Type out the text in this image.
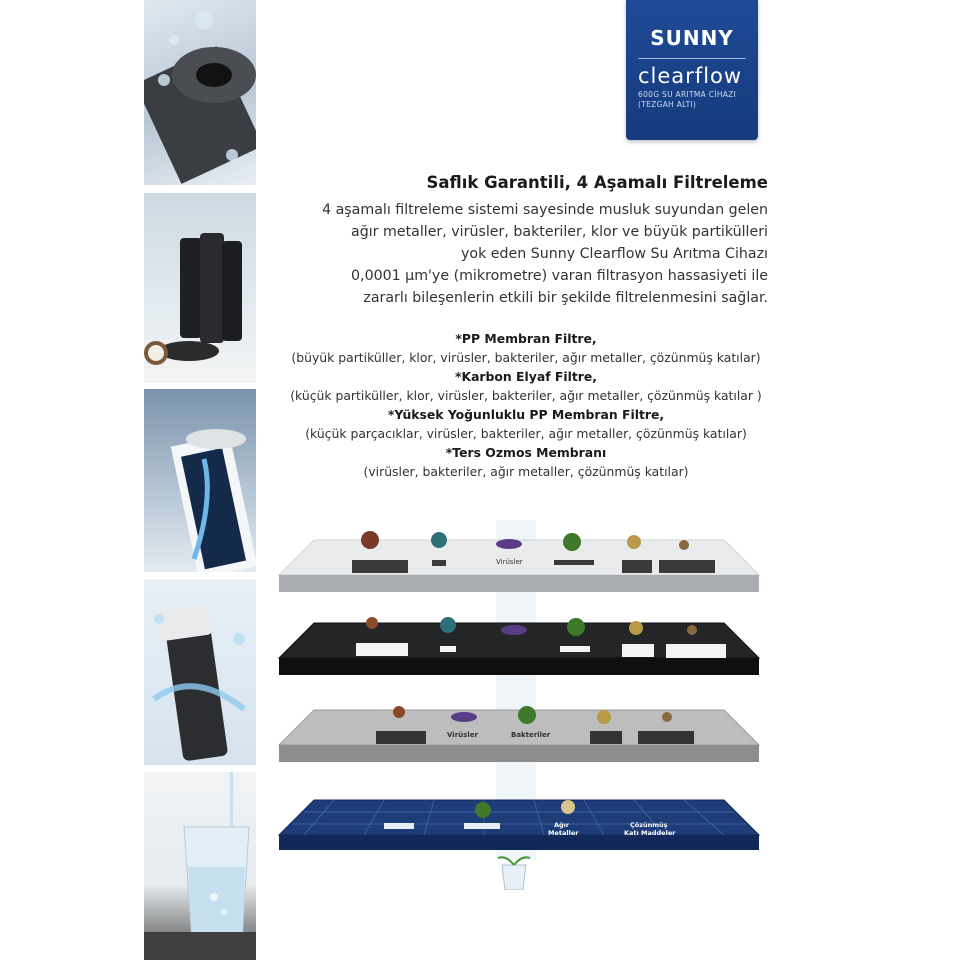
SUNNY
clearflow
600G SU ARITMA CİHAZI
(TEZGAH ALTI)
Saflık Garantili, 4 Aşamalı Filtreleme
4 aşamalı filtreleme sistemi sayesinde musluk suyundan gelen
ağır metaller, virüsler, bakteriler, klor ve büyük partikülleri
yok eden Sunny Clearflow Su Arıtma Cihazı
0,0001 µm'ye (mikrometre) varan filtrasyon hassasiyeti ile
zararlı bileşenlerin etkili bir şekilde filtrelenmesini sağlar.
*PP Membran Filtre,
(büyük partiküller, klor, virüsler, bakteriler, ağır metaller, çözünmüş katılar)
*Karbon Elyaf Filtre,
(küçük partiküller, klor, virüsler, bakteriler, ağır metaller, çözünmüş katılar )
*Yüksek Yoğunluklu PP Membran Filtre,
(küçük parçacıklar, virüsler, bakteriler, ağır metaller, çözünmüş katılar)
*Ters Ozmos Membranı
(virüsler, bakteriler, ağır metaller, çözünmüş katılar)
Virüsler
Virüsler	Bakteriler
Ağır
Metaller
Çözünmüş
Katı Maddeler
